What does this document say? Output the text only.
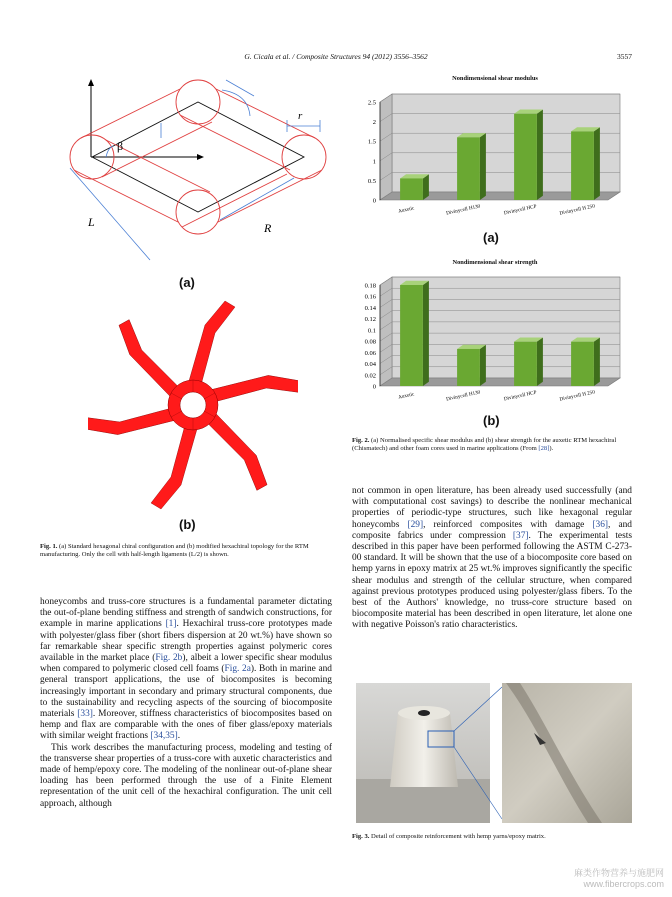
G. Cicala et al. / Composite Structures 94 (2012) 3556–3562	3557
β
L	R
r
(a)
(b)
Fig. 1. (a) Standard hexagonal chiral configuration and (b) modified hexachiral topology for the RTM manufacturing. Only the cell with half-length ligaments (L/2) is shown.
Nondimensional shear modulus
0
0.5
1
1.5
2
2.5
Auxetic	Divinycell H130	Divinycell HCP	Divinycell H 250
(a)
Nondimensional shear strength
0
0.02
0.04
0.06
0.08
0.1
0.12
0.14
0.16
0.18
Auxetic	Divinycell H130	Divinycell HCP	Divinycell H 250
(b)
Fig. 2. (a) Normalised specific shear modulus and (b) shear strength for the auxetic RTM hexachiral (Chismatech) and other foam cores used in marine applications (From [28]).

honeycombs and truss-core structures is a fundamental parameter dictating the out-of-plane bending stiffness and strength of sandwich constructions, for example in marine applications [1]. Hexachiral truss-core prototypes made with polyester/glass fiber (short fibers dispersion at 20 wt.%) have shown so far remarkable shear specific strength properties against polymeric cores available in the market place (Fig. 2b), albeit a lower specific shear modulus when compared to polymeric closed cell foams (Fig. 2a). Both in marine and general transport applications, the use of biocomposites is becoming increasingly important in secondary and primary structural components, due to the sustainability and recycling aspects of the sourcing of biocomposite materials [33]. Moreover, stiffness characteristics of biocomposites based on hemp and flax are comparable with the ones of fiber glass/epoxy materials with similar weight fractions [34,35].

This work describes the manufacturing process, modeling and testing of the transverse shear properties of a truss-core with auxetic characteristics and made of hemp/epoxy core. The modeling of the nonlinear out-of-plane shear loading has been performed through the use of a Finite Element representation of the unit cell of the hexachiral configuration. The unit cell approach, although

not common in open literature, has been already used successfully (and with computational cost savings) to describe the nonlinear mechanical properties of periodic-type structures, such like hexagonal regular honeycombs [29], reinforced composites with damage [36], and composite fabrics under compression [37]. The experimental tests described in this paper have been performed following the ASTM C-273-00 standard. It will be shown that the use of a biocomposite core based on hemp yarns in epoxy matrix at 25 wt.% improves significantly the specific shear modulus and strength of the cellular structure, when compared against previous prototypes produced using polyester/glass fibers. To the best of the Authors' knowledge, no truss-core structure based on biocomposite material has been described in open literature, let alone one with negative Poisson's ratio characteristics.

Fig. 3. Detail of composite reinforcement with hemp yarns/epoxy matrix.
麻类作物营养与施肥网
www.fibercrops.com
